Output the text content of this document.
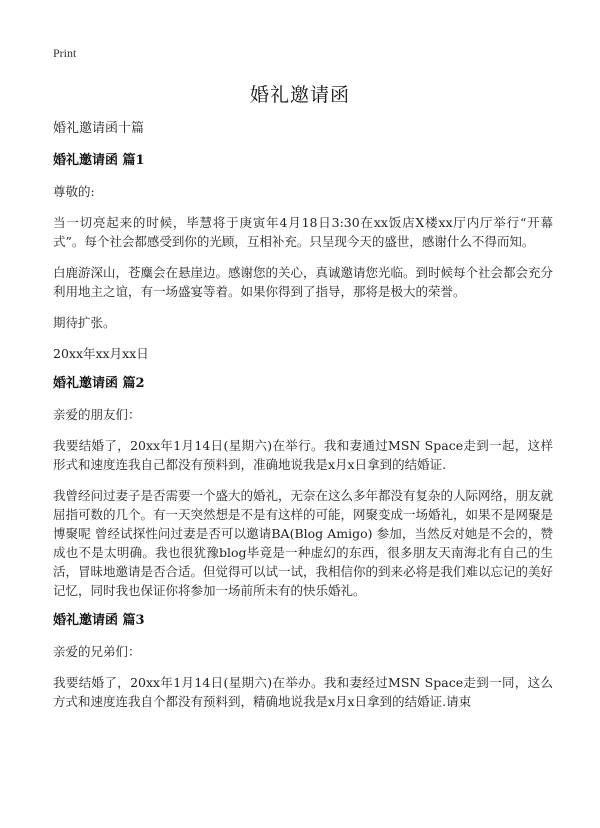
Print
婚礼邀请函
婚礼邀请函十篇
婚礼邀请函 篇1

尊敬的:

当一切亮起来的时候，毕慧将于庚寅年4月18日3:30在xx饭店X楼xx厅内厅举行“开幕式”。每个社会都感受到你的光顾，互相补充。只呈现今天的盛世，感谢什么不得而知。

白鹿游深山，苍麋会在悬崖边。感谢您的关心，真诚邀请您光临。到时候每个社会都会充分利用地主之谊，有一场盛宴等着。如果你得到了指导，那将是极大的荣誉。

期待扩张。

20xx年xx月xx日

婚礼邀请函 篇2

亲爱的朋友们：

我要结婚了，20xx年1月14日(星期六)在举行。我和妻通过MSN Space走到一起，这样形式和速度连我自己都没有预料到，准确地说我是x月x日拿到的结婚证.

我曾经问过妻子是否需要一个盛大的婚礼，无奈在这么多年都没有复杂的人际网络，朋友就屈指可数的几个。有一天突然想是不是有这样的可能，网聚变成一场婚礼，如果不是网聚是博聚呢 曾经试探性问过妻是否可以邀请BA(Blog Amigo) 参加，当然反对她是不会的，赞成也不是太明确。我也很犹豫blog毕竟是一种虚幻的东西，很多朋友天南海北有自己的生活，冒昧地邀请是否合适。但觉得可以试一试，我相信你的到来必将是我们难以忘记的美好记忆，同时我也保证你将参加一场前所未有的快乐婚礼。

婚礼邀请函 篇3

亲爱的兄弟们：

我要结婚了，20xx年1月14日(星期六)在举办。我和妻经过MSN Space走到一同，这么方式和速度连我自个都没有预料到，精确地说我是x月x日拿到的结婚证.请束
